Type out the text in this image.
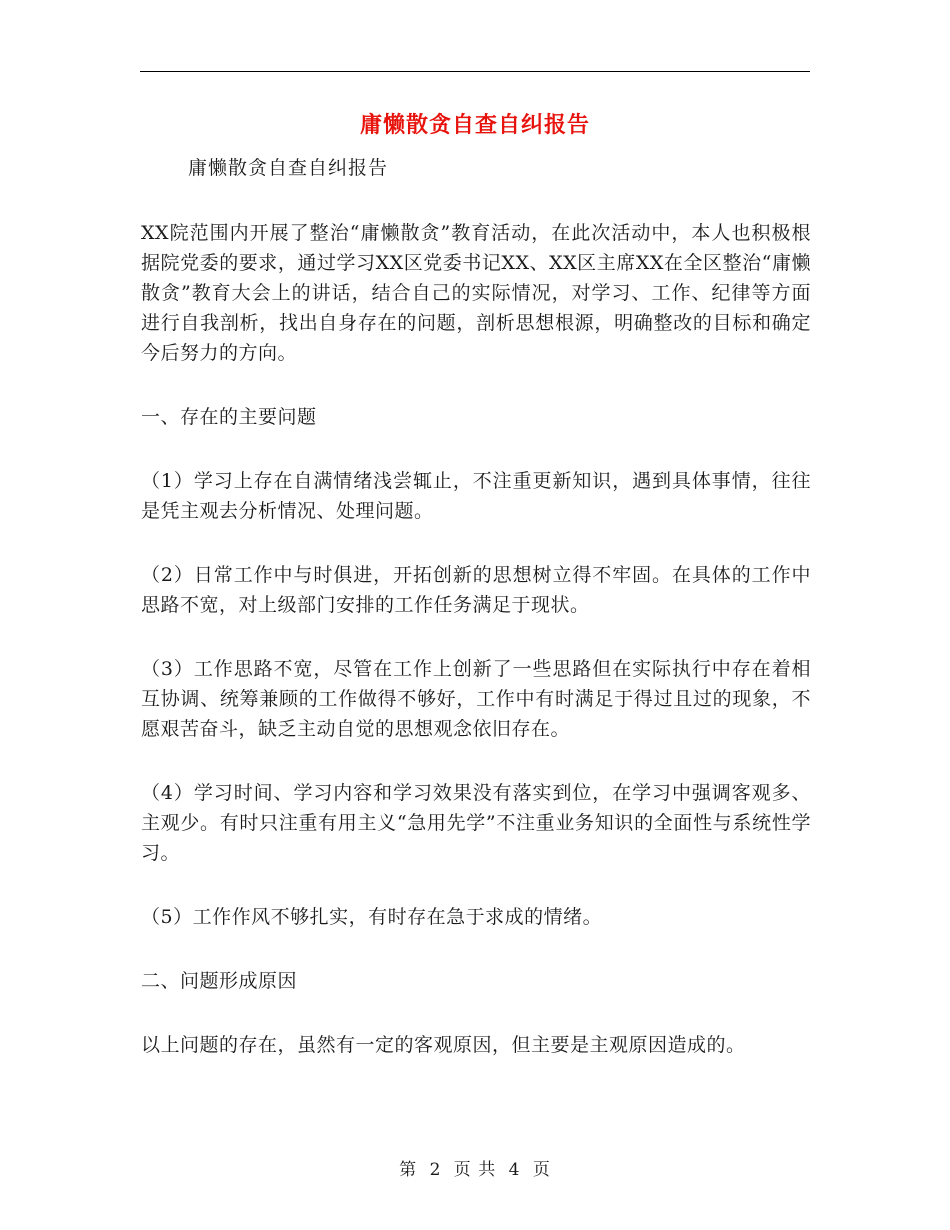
庸懒散贪自查自纠报告
庸懒散贪自查自纠报告

XX院范围内开展了整治“庸懒散贪”教育活动，在此次活动中，本人也积极根据院党委的要求，通过学习XX区党委书记XX、XX区主席XX在全区整治“庸懒散贪”教育大会上的讲话，结合自己的实际情况，对学习、工作、纪律等方面进行自我剖析，找出自身存在的问题，剖析思想根源，明确整改的目标和确定今后努力的方向。

一、存在的主要问题

（1）学习上存在自满情绪浅尝辄止，不注重更新知识，遇到具体事情，往往是凭主观去分析情况、处理问题。

（2）日常工作中与时俱进，开拓创新的思想树立得不牢固。在具体的工作中思路不宽，对上级部门安排的工作任务满足于现状。

（3）工作思路不宽，尽管在工作上创新了一些思路但在实际执行中存在着相互协调、统筹兼顾的工作做得不够好，工作中有时满足于得过且过的现象，不愿艰苦奋斗，缺乏主动自觉的思想观念依旧存在。

（4）学习时间、学习内容和学习效果没有落实到位，在学习中强调客观多、主观少。有时只注重有用主义“急用先学”不注重业务知识的全面性与系统性学习。

（5）工作作风不够扎实，有时存在急于求成的情绪。

二、问题形成原因

以上问题的存在，虽然有一定的客观原因，但主要是主观原因造成的。

第 2 页 共 4 页
